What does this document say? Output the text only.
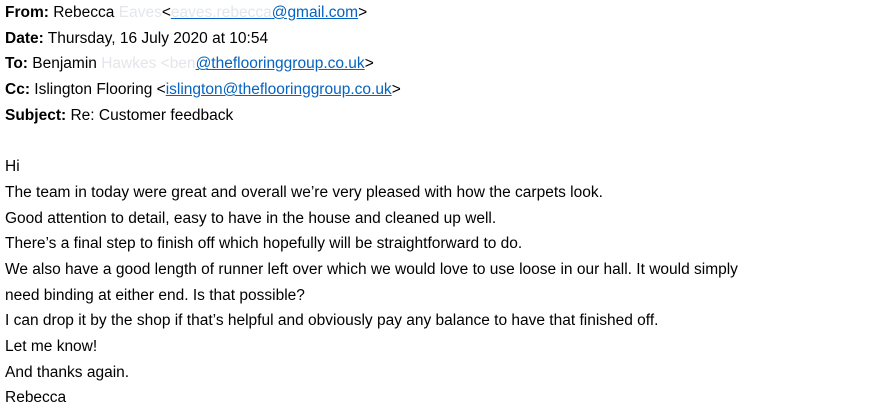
From: Rebecca Eaves<eaves.rebecca@gmail.com>
Date: Thursday, 16 July 2020 at 10:54
To: Benjamin Hawkes <ben@theflooringgroup.co.uk>
Cc: Islington Flooring <islington@theflooringgroup.co.uk>
Subject: Re: Customer feedback
Hi
The team in today were great and overall we’re very pleased with how the carpets look.
Good attention to detail, easy to have in the house and cleaned up well.
There’s a final step to finish off which hopefully will be straightforward to do.
We also have a good length of runner left over which we would love to use loose in our hall. It would simply
need binding at either end. Is that possible?
I can drop it by the shop if that’s helpful and obviously pay any balance to have that finished off.
Let me know!
And thanks again.
Rebecca
